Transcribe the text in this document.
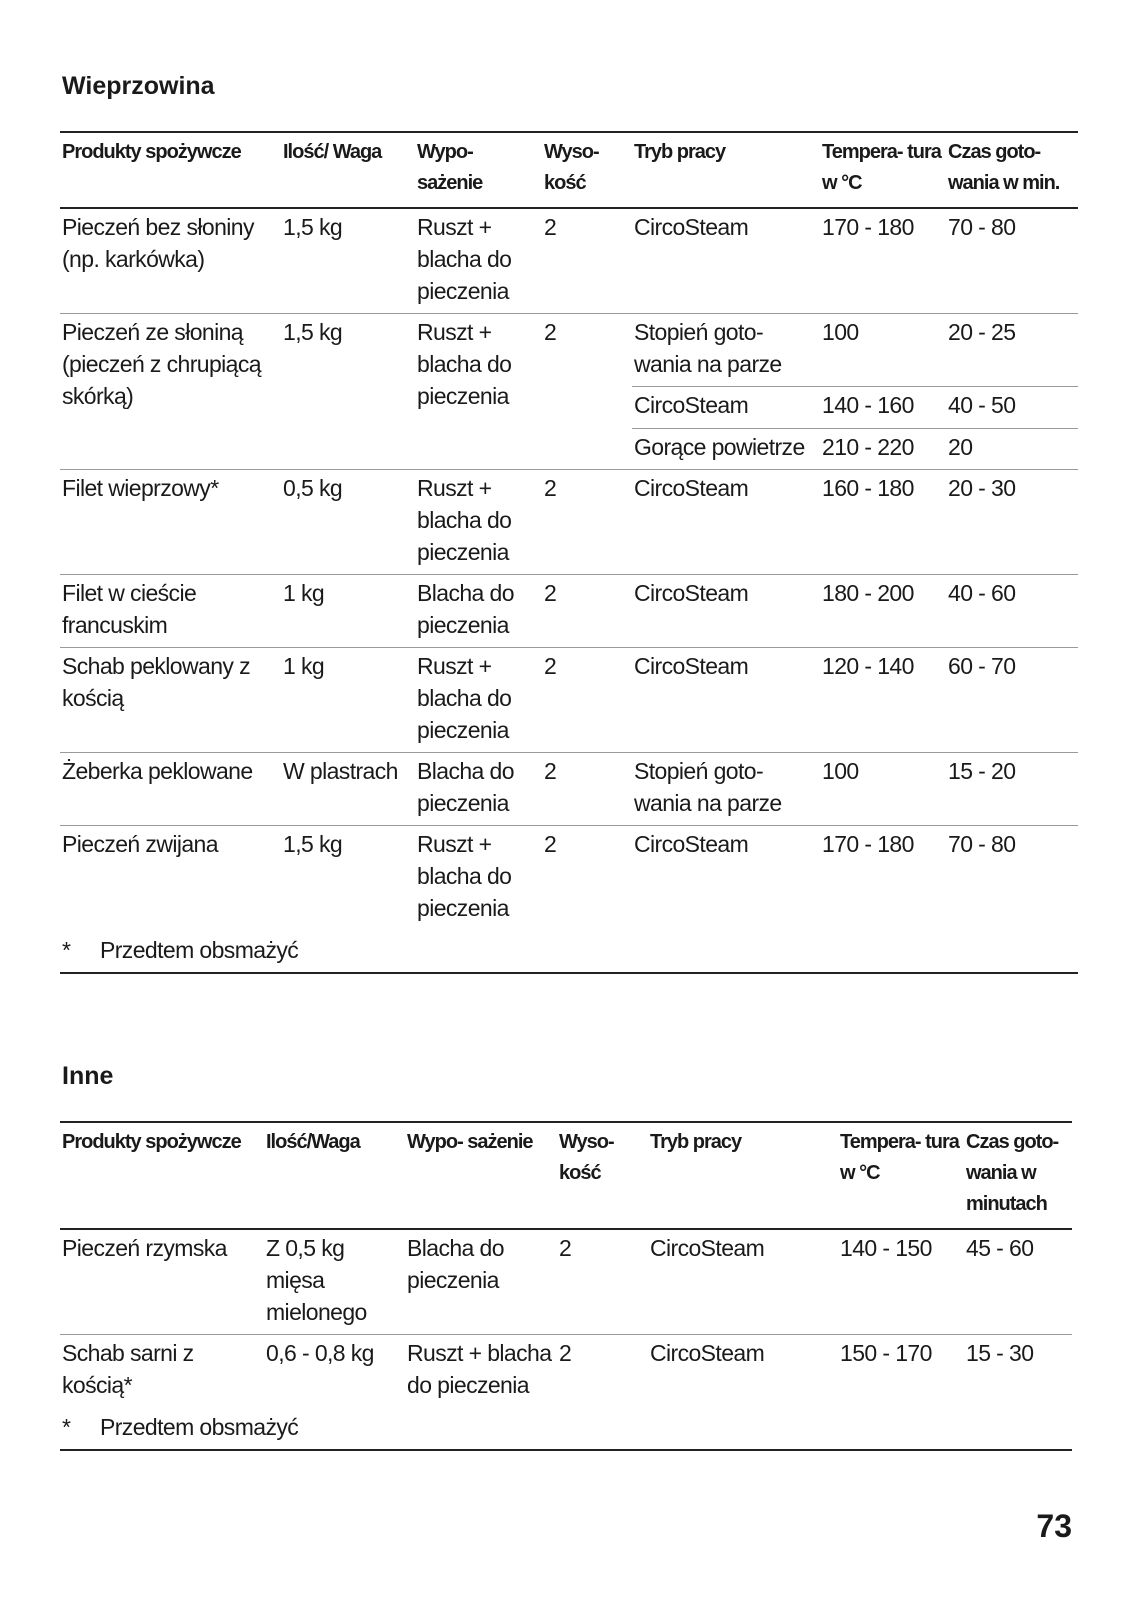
Wieprzowina
Produkty spożywcze	Ilość/ Waga	Wypo- sażenie	Wyso- kość	Tryb pracy	Tempera- tura w °C	Czas goto- wania w min.
Pieczeń bez słoniny (np. karkówka)	1,5 kg	Ruszt + blacha do pieczenia	2	CircoSteam	170 - 180	70 - 80
Pieczeń ze słoniną (pieczeń z chrupiącą skórką)	1,5 kg	Ruszt + blacha do pieczenia	2	Stopień goto- wania na parze	100	20 - 25
				CircoSteam	140 - 160	40 - 50
				Gorące powietrze	210 - 220	20
Filet wieprzowy*	0,5 kg	Ruszt + blacha do pieczenia	2	CircoSteam	160 - 180	20 - 30
Filet w cieście francuskim	1 kg	Blacha do pieczenia	2	CircoSteam	180 - 200	40 - 60
Schab peklowany z kością	1 kg	Ruszt + blacha do pieczenia	2	CircoSteam	120 - 140	60 - 70
Żeberka peklowane	W plastrach	Blacha do pieczenia	2	Stopień goto- wania na parze	100	15 - 20
Pieczeń zwijana	1,5 kg	Ruszt + blacha do pieczenia	2	CircoSteam	170 - 180	70 - 80
* Przedtem obsmażyć						
Inne
Produkty spożywcze	Ilość/Waga	Wypo- sażenie	Wyso- kość	Tryb pracy	Tempera- tura w °C	Czas goto- wania w minutach
Pieczeń rzymska	Z 0,5 kg mięsa mielonego	Blacha do pieczenia	2	CircoSteam	140 - 150	45 - 60
Schab sarni z kością*	0,6 - 0,8 kg	Ruszt + blacha do pieczenia	2	CircoSteam	150 - 170	15 - 30
* Przedtem obsmażyć						
73
